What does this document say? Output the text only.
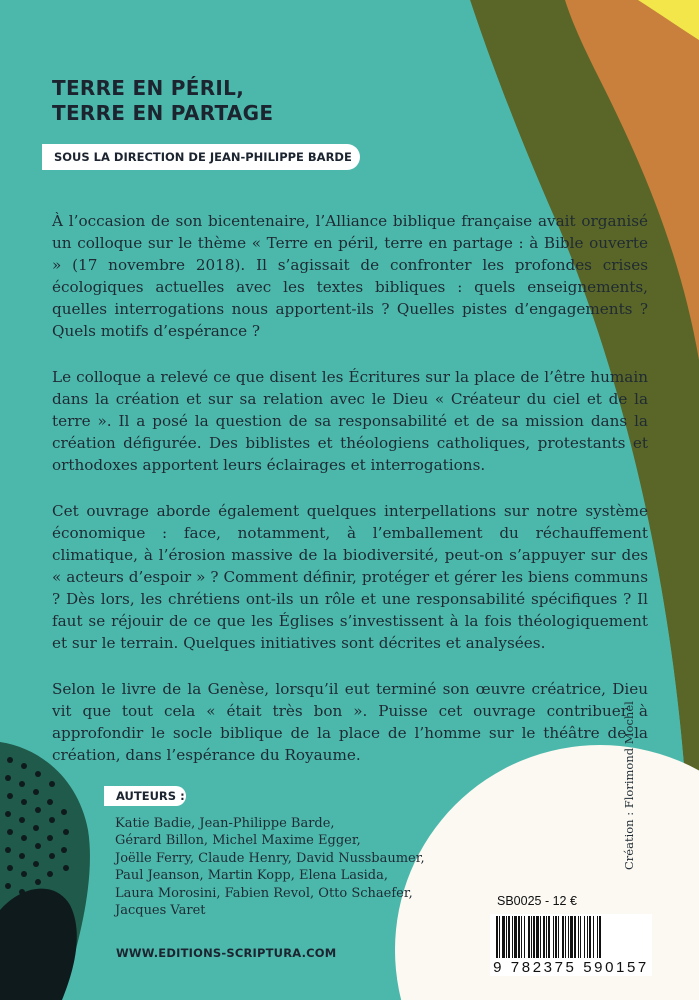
TERRE EN PÉRIL,
TERRE EN PARTAGE
SOUS LA DIRECTION DE JEAN-PHILIPPE BARDE

À l’occasion de son bicentenaire, l’Alliance biblique française avait organisé un colloque sur le thème « Terre en péril, terre en partage : à Bible ouverte » (17 novembre 2018). Il s’agissait de confronter les profondes crises écologiques actuelles avec les textes bibliques : quels enseignements, quelles interrogations nous apportent-ils ? Quelles pistes d’engagements ? Quels motifs d’espérance ?

Le colloque a relevé ce que disent les Écritures sur la place de l’être humain dans la création et sur sa relation avec le Dieu « Créateur du ciel et de la terre ». Il a posé la question de sa responsabilité et de sa mission dans la création défigurée. Des biblistes et théologiens catholiques, protestants et orthodoxes apportent leurs éclairages et interrogations.

Cet ouvrage aborde également quelques interpellations sur notre système économique : face, notamment, à l’emballement du réchauffement climatique, à l’érosion massive de la biodiversité, peut-on s’appuyer sur des « acteurs d’espoir » ? Comment définir, protéger et gérer les biens communs ? Dès lors, les chrétiens ont-ils un rôle et une responsabilité spécifiques ? Il faut se réjouir de ce que les Églises s’investissent à la fois théologiquement et sur le terrain. Quelques initiatives sont décrites et analysées.

Selon le livre de la Genèse, lorsqu’il eut terminé son œuvre créatrice, Dieu vit que tout cela « était très bon ». Puisse cet ouvrage contribuer à approfondir le socle biblique de la place de l’homme sur le théâtre de la création, dans l’espérance du Royaume.	Création : Florimond Mochel
AUTEURS :
Katie Badie, Jean-Philippe Barde,
Gérard Billon, Michel Maxime Egger,
Joëlle Ferry, Claude Henry, David Nussbaumer,
Paul Jeanson, Martin Kopp, Elena Lasida,
Laura Morosini, Fabien Revol, Otto Schaefer,
Jacques Varet
SB0025 - 12 €
9 782375 590157
WWW.EDITIONS-SCRIPTURA.COM
